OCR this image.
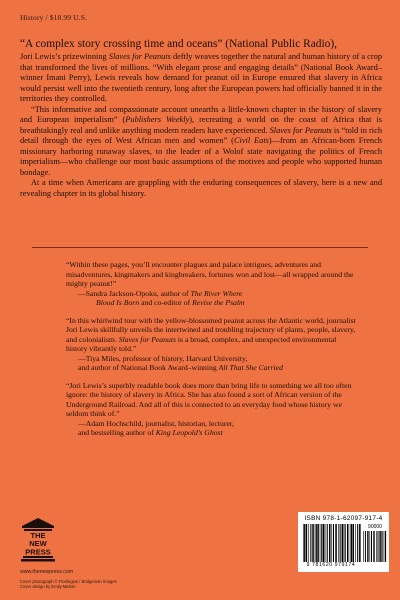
History / $18.99 U.S.

“A complex story crossing time and oceans” (National Public Radio),
Jori Lewis’s prizewinning Slaves for Peanuts deftly weaves together the natural and human history of a crop that transformed the lives of millions. “With elegant prose and engaging details” (National Book Award–winner Imani Perry), Lewis reveals how demand for peanut oil in Europe ensured that slavery in Africa would persist well into the twentieth century, long after the European powers had officially banned it in the territories they controlled.

“This informative and compassionate account unearths a little-known chapter in the history of slavery and European imperialism” (Publishers Weekly), recreating a world on the coast of Africa that is breathtakingly real and unlike anything modern readers have experienced. Slaves for Peanuts is “told in rich detail through the eyes of West African men and women” (Civil Eats)—from an African-born French missionary harboring runaway slaves, to the leader of a Wolof state navigating the politics of French imperialism—who challenge our most basic assumptions of the motives and people who supported human bondage.

At a time when Americans are grappling with the enduring consequences of slavery, here is a new and revealing chapter in its global history.

“Within these pages, you’ll encounter plagues and palace intrigues, adventures and misadventures, kingmakers and kingbreakers, fortunes won and lost—all wrapped around the mighty peanut!”
—Sandra Jackson-Opoku, author of The River Where
Blood Is Born and co-editor of Revise the Psalm
“In this whirlwind tour with the yellow-blossomed peanut across the Atlantic world, journalist Jori Lewis skillfully unveils the intertwined and troubling trajectory of plants, people, slavery, and colonialism. Slaves for Peanuts is a broad, complex, and unexpected environmental history vibrantly told.”
—Tiya Miles, professor of history, Harvard University,
and author of National Book Award–winning All That She Carried
“Jori Lewis’s superbly readable book does more than bring life to something we all too often ignore: the history of slavery in Africa. She has also found a sort of African version of the Underground Railroad. And all of this is connected to an everyday food whose history we seldom think of.”
—Adam Hochschild, journalist, historian, lecturer,
and bestselling author of King Leopold’s Ghost
THE
NEW
PRESS
www.thenewpress.com
Cover photograph © Florilegius / Bridgeman Images
Cover design by Emily Mahon
ISBN 978-1-62097-917-4
9 781620 979174
90000
